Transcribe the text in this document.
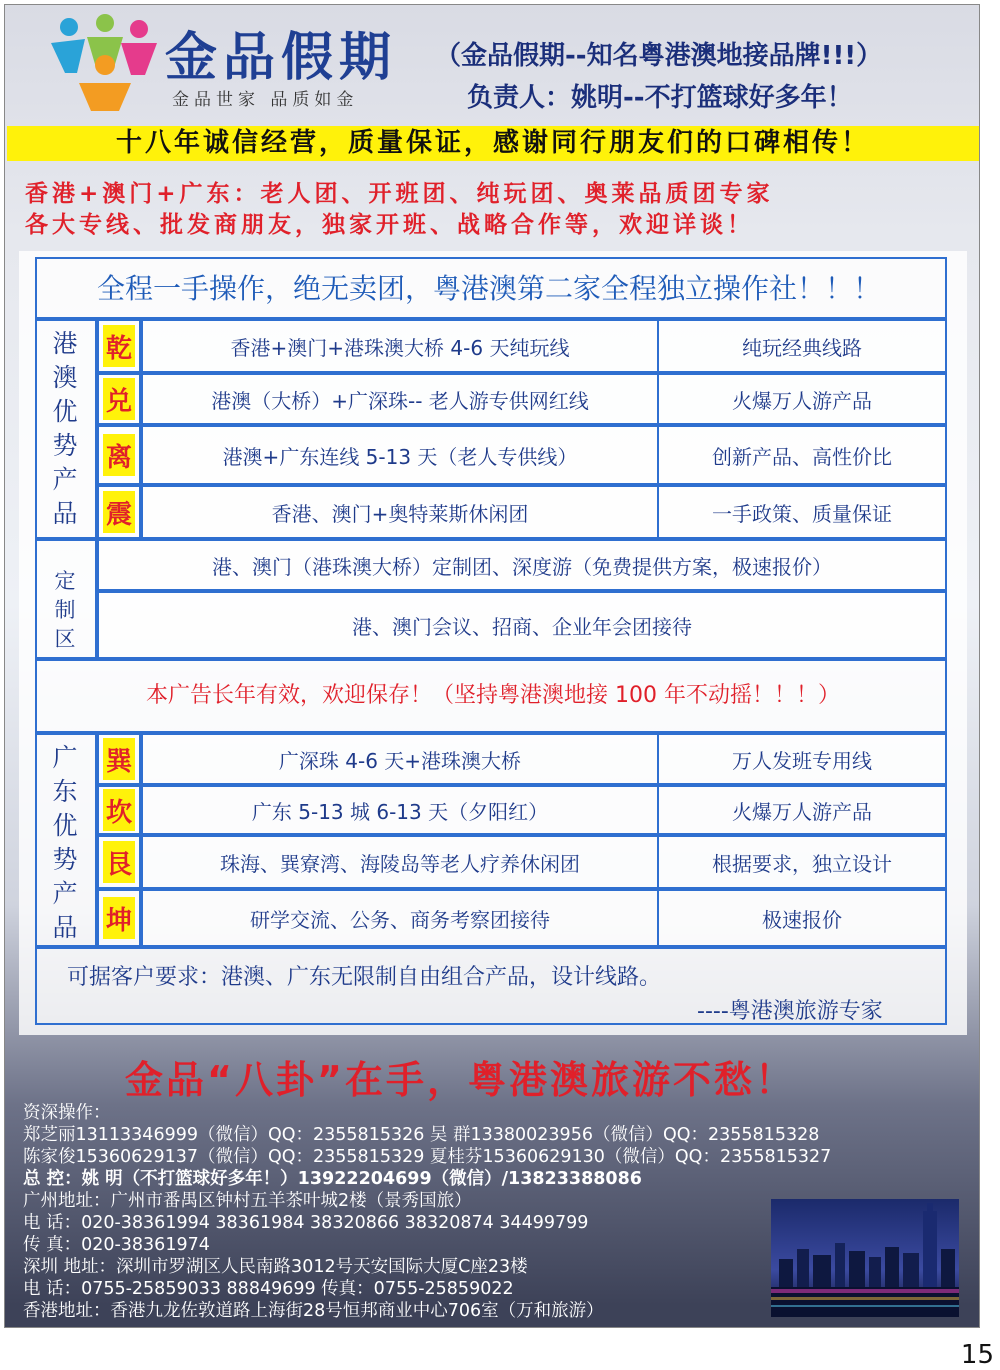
金品假期
金品世家 品质如金
（金品假期--知名粤港澳地接品牌!!!）
负责人：姚明--不打篮球好多年！
十八年诚信经营，质量保证，感谢同行朋友们的口碑相传！
香港+澳门+广东：老人团、开班团、纯玩团、奥莱品质团专家
各大专线、批发商朋友，独家开班、战略合作等，欢迎详谈！
全程一手操作，绝无卖团，粤港澳第二家全程独立操作社！！！
港澳优势产品
乾	香港+澳门+港珠澳大桥 4-6 天纯玩线	纯玩经典线路
兑	港澳（大桥）+广深珠-- 老人游专供网红线	火爆万人游产品
离	港澳+广东连线 5-13 天（老人专供线）	创新产品、高性价比
震	香港、澳门+奥特莱斯休闲团	一手政策、质量保证
定制区
港、澳门（港珠澳大桥）定制团、深度游（免费提供方案，极速报价）
港、澳门会议、招商、企业年会团接待
本广告长年有效，欢迎保存！（坚持粤港澳地接 100 年不动摇！！！）
广东优势产品
巽	广深珠 4-6 天+港珠澳大桥	万人发班专用线
坎	广东 5-13 城 6-13 天（夕阳红）	火爆万人游产品
艮	珠海、巽寮湾、海陵岛等老人疗养休闲团	根据要求，独立设计
坤	研学交流、公务、商务考察团接待	极速报价
可据客户要求：港澳、广东无限制自由组合产品，设计线路。
----粤港澳旅游专家
金品“八卦”在手，粤港澳旅游不愁！
资深操作：
郑芝丽13113346999（微信）QQ：2355815326 吴 群13380023956（微信）QQ：2355815328
陈家俊15360629137（微信）QQ：2355815329 夏桂芬15360629130（微信）QQ：2355815327
总 控：姚 明（不打篮球好多年！）13922204699（微信）/13823388086
广州地址：广州市番禺区钟村五羊茶叶城2楼（景秀国旅）
电 话：020-38361994 38361984 38320866 38320874 34499799
传 真：020-38361974
深圳 地址：深圳市罗湖区人民南路3012号天安国际大厦C座23楼
电 话：0755-25859033 88849699 传真：0755-25859022
香港地址：香港九龙佐敦道路上海街28号恒邦商业中心706室（万和旅游）
15
